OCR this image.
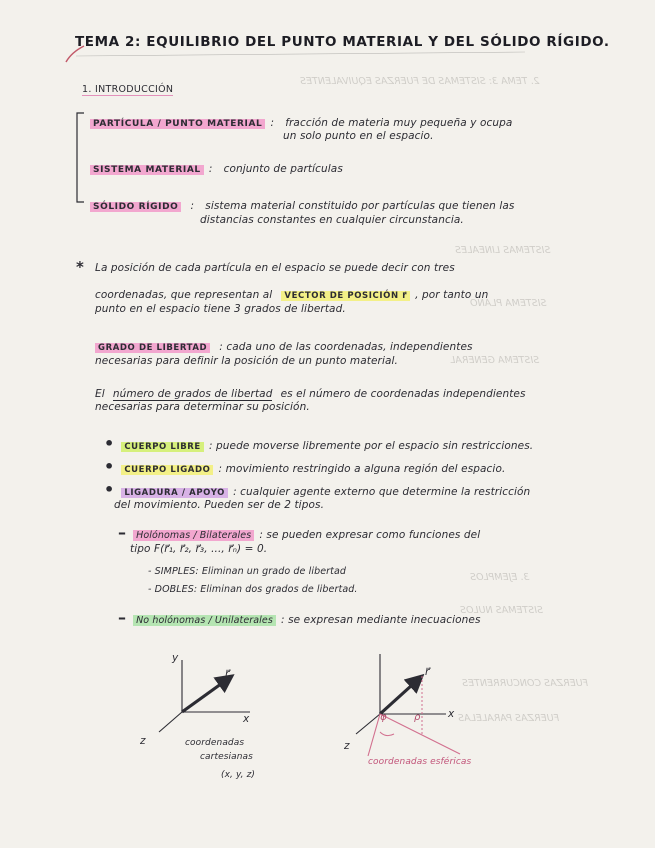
2. TEMA 3: SISTEMAS DE FUERZAS EQUIVALENTES
SISTEMAS LINEALES
SISTEMA PLANO
SISTEMA GENERAL
3. EJEMPLOS
SISTEMAS NULOS
FUERZAS CONCURRENTES
FUERZAS PARALELAS
TEMA 2: EQUILIBRIO DEL PUNTO MATERIAL Y DEL SÓLIDO RÍGIDO.
1. INTRODUCCIÓN
PARTÍCULA / PUNTO MATERIAL : fracción de materia muy pequeña y ocupa
un solo punto en el espacio.
SISTEMA MATERIAL : conjunto de partículas
SÓLIDO RÍGIDO : sistema material constituido por partículas que tienen las
distancias constantes en cualquier circunstancia.
* La posición de cada partícula en el espacio se puede decir con tres
coordenadas, que representan al VECTOR DE POSICIÓN r⃗ , por tanto un
punto en el espacio tiene 3 grados de libertad.
GRADO DE LIBERTAD : cada uno de las coordenadas, independientes
necesarias para definir la posición de un punto material.
El número de grados de libertad es el número de coordenadas independientes
necesarias para determinar su posición.
• CUERPO LIBRE : puede moverse libremente por el espacio sin restricciones.
• CUERPO LIGADO : movimiento restringido a alguna región del espacio.
• LIGADURA / APOYO : cualquier agente externo que determine la restricción
del movimiento. Pueden ser de 2 tipos.
– Holónomas / Bilaterales : se pueden expresar como funciones del
tipo F(r⃗₁, r⃗₂, r⃗₃, ..., r⃗ₙ) = 0.
- SIMPLES: Eliminan un grado de libertad
- DOBLES: Eliminan dos grados de libertad.
– No holónomas / Unilaterales : se expresan mediante inecuaciones
y
x
z
r⃗
coordenadas
cartesianas
(x, y, z)
φ	ρ	x
z
r⃗
coordenadas esféricas
